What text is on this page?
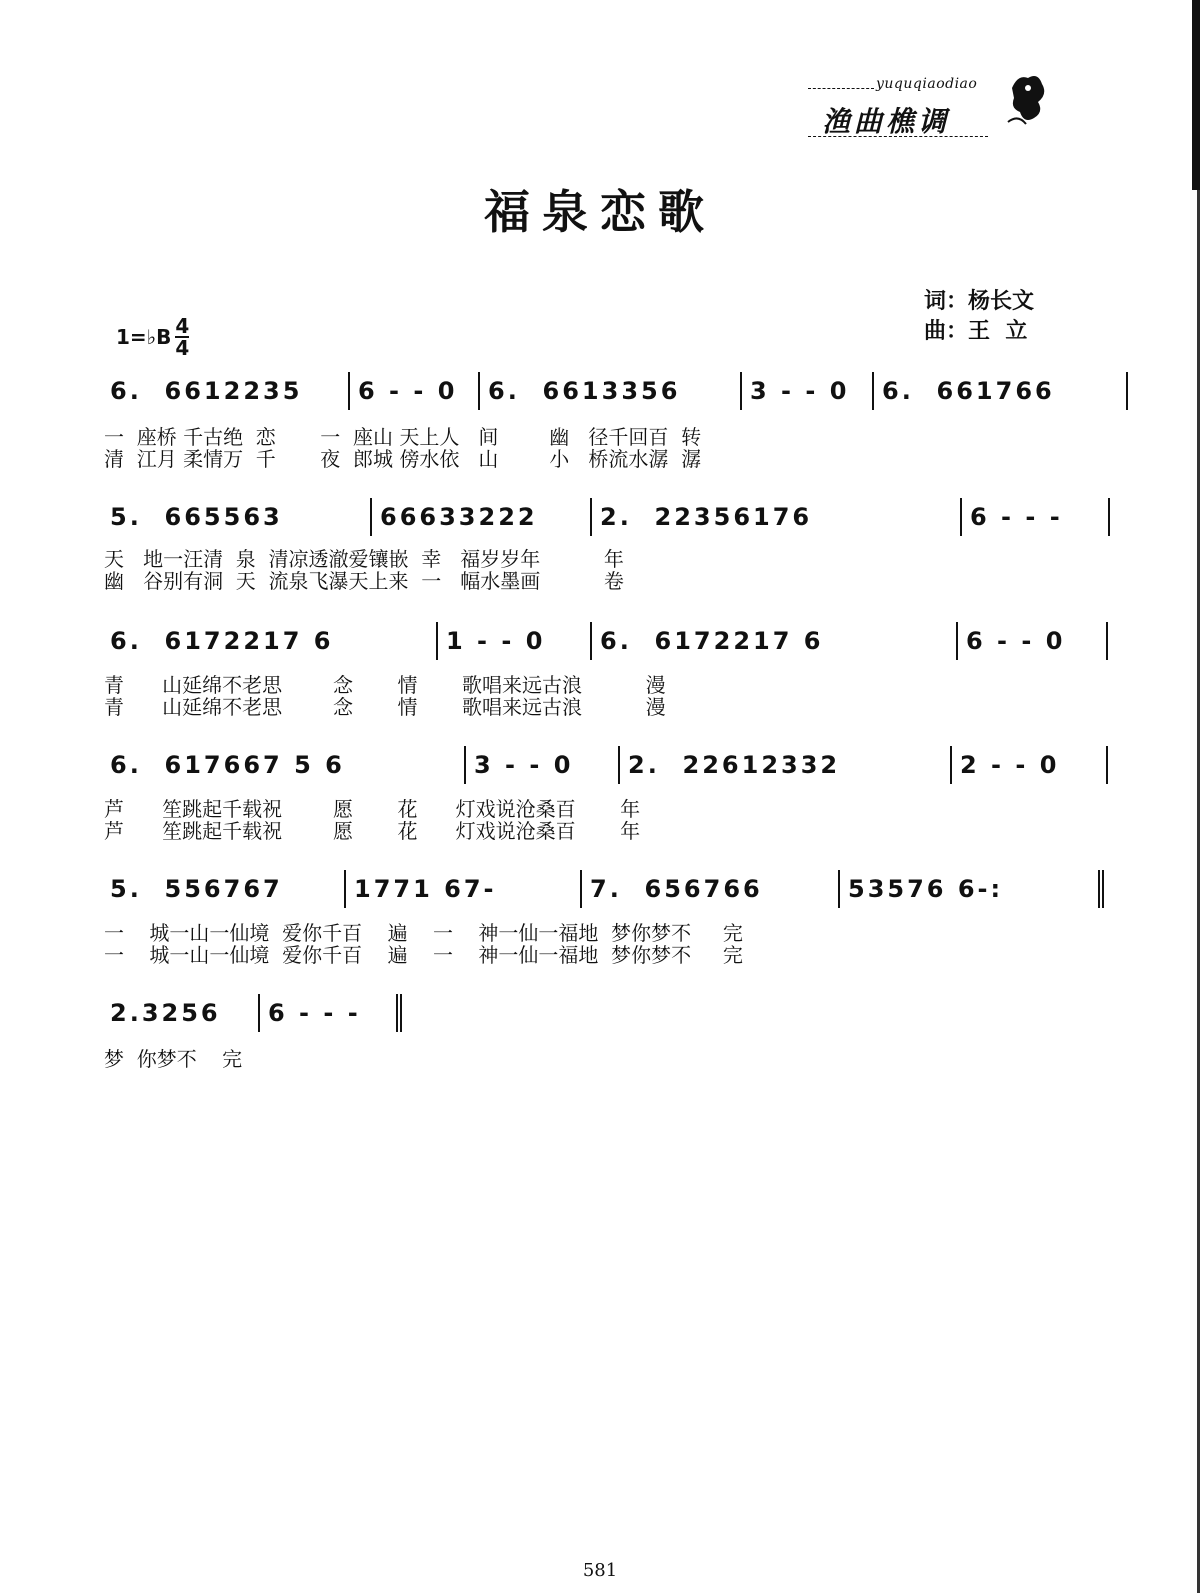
yuquqiaodiao
渔曲樵调
福泉恋歌
词：杨长文
曲：王  立
1=♭B 4
4
6.  6612235	6 - - 0	6.  6613356	3 - - 0	6.  661766
一  座桥 千古绝  恋       一  座山 天上人   间        幽   径千回百  转
清  江月 柔情万  千       夜  郎城 傍水依   山        小   桥流水潺  潺
5.  665563	66633222	2.  22356176	6 - - -
天   地一汪清  泉  清凉透澈爱镶嵌  幸   福岁岁年          年
幽   谷别有洞  天  流泉飞瀑天上来  一   幅水墨画          卷
6.  6172217 6	1 - - 0	6.  6172217 6	6 - - 0
青      山延绵不老思        念       情       歌唱来远古浪          漫
青      山延绵不老思        念       情       歌唱来远古浪          漫
6.  617667 5 6	3 - - 0	2.  22612332	2 - - 0
芦      笙跳起千载祝        愿       花      灯戏说沧桑百       年
芦      笙跳起千载祝        愿       花      灯戏说沧桑百       年
5.  556767	1771 67-	7.  656766	53576 6-:
一    城一山一仙境  爱你千百    遍    一    神一仙一福地  梦你梦不     完
一    城一山一仙境  爱你千百    遍    一    神一仙一福地  梦你梦不     完
2.3256	6 - - -
梦  你梦不    完
581
